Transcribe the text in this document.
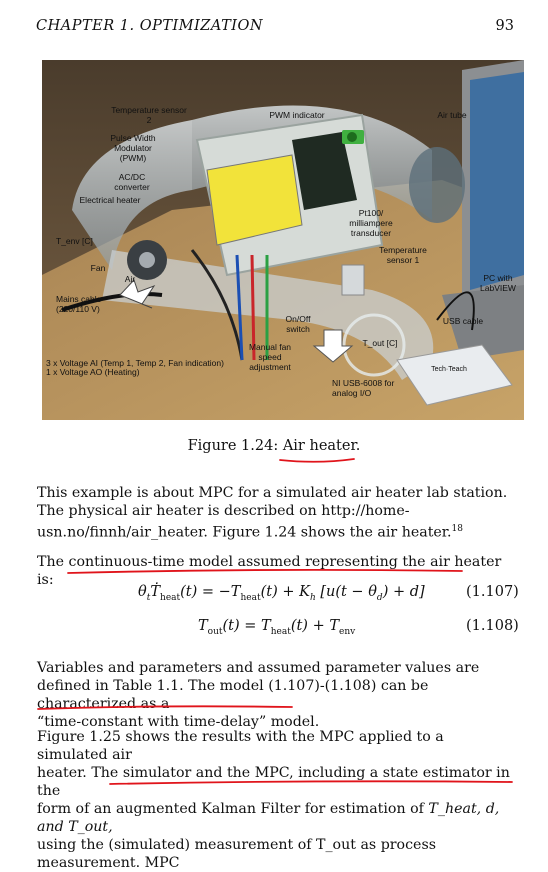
CHAPTER 1. OPTIMIZATION	93
Temperature sensor 2	PWM indicator	Air tube
Pulse Width Modulator (PWM)
AC/DC converter
Electrical heater
Pt100/ milliampere transducer
T_env [C]
Temperature sensor 1
Fan
Air	PC with LabVIEW
Mains cable (220/110 V)
On/Off switch
USB cable
T_out [C]
Manual fan speed adjustment
3 x Voltage AI (Temp 1, Temp 2, Fan indication)
1 x Voltage AO (Heating)
NI USB-6008 for analog I/O
Tech·Teach
Figure 1.24: Air heater.
This example is about MPC for a simulated air heater lab station. The physical air heater is described on http://home-usn.no/finnh/air_heater. Figure 1.24 shows the air heater.$^{18}$
The continuous-time model assumed representing the air heater is:
$\theta_tṪ_{heat}(t) = -T_{heat}(t) + K_h$ $[u(t - \theta_d) + d]$	(1.107)
$T_{out}(t) = T_{heat}(t) + T_{env}$	(1.108)
Variables and parameters and assumed parameter values are defined in Table 1.1. The model (1.107)-(1.108) can be characterized as a
“time-constant with time-delay” model.
Figure 1.25 shows the results with the MPC applied to a simulated air
heater. The simulator and the MPC, including a state estimator in the
form of an augmented Kalman Filter for estimation of T_heat, d, and T_out,
using the (simulated) measurement of T_out as process measurement. MPC
